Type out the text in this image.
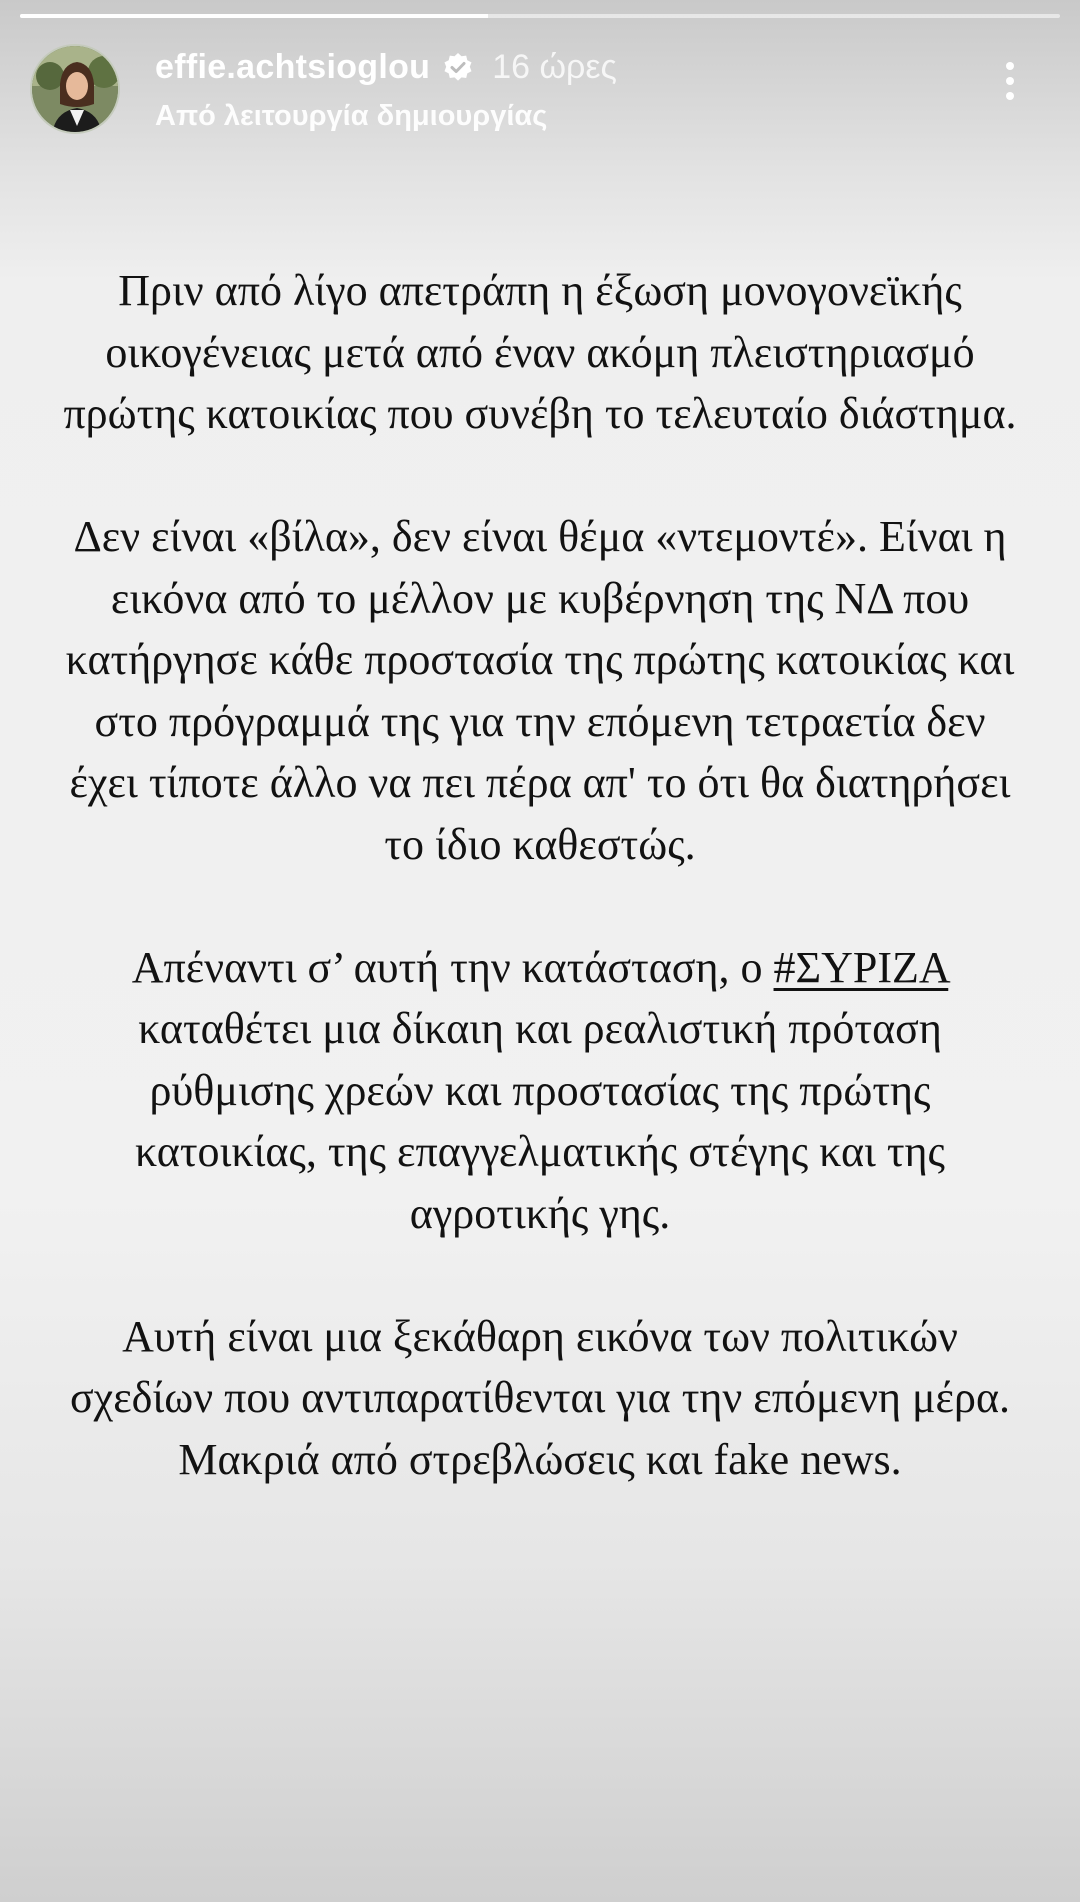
effie.achtsioglou 16 ώρες
Από λειτουργία δημιουργίας

Πριν από λίγο απετράπη η έξωση μονογονεϊκής οικογένειας μετά από έναν ακόμη πλειστηριασμό πρώτης κατοικίας που συνέβη το τελευταίο διάστημα.

Δεν είναι «βίλα», δεν είναι θέμα «ντεμοντέ». Είναι η εικόνα από το μέλλον με κυβέρνηση της ΝΔ που κατήργησε κάθε προστασία της πρώτης κατοικίας και στο πρόγραμμά της για την επόμενη τετραετία δεν έχει τίποτε άλλο να πει πέρα απ' το ότι θα διατηρήσει το ίδιο καθεστώς.

Απέναντι σ’ αυτή την κατάσταση, ο #ΣΥΡΙΖΑ καταθέτει μια δίκαιη και ρεαλιστική πρόταση ρύθμισης χρεών και προστασίας της πρώτης κατοικίας, της επαγγελματικής στέγης και της αγροτικής γης.

Αυτή είναι μια ξεκάθαρη εικόνα των πολιτικών σχεδίων που αντιπαρατίθενται για την επόμενη μέρα. Μακριά από στρεβλώσεις και fake news.
